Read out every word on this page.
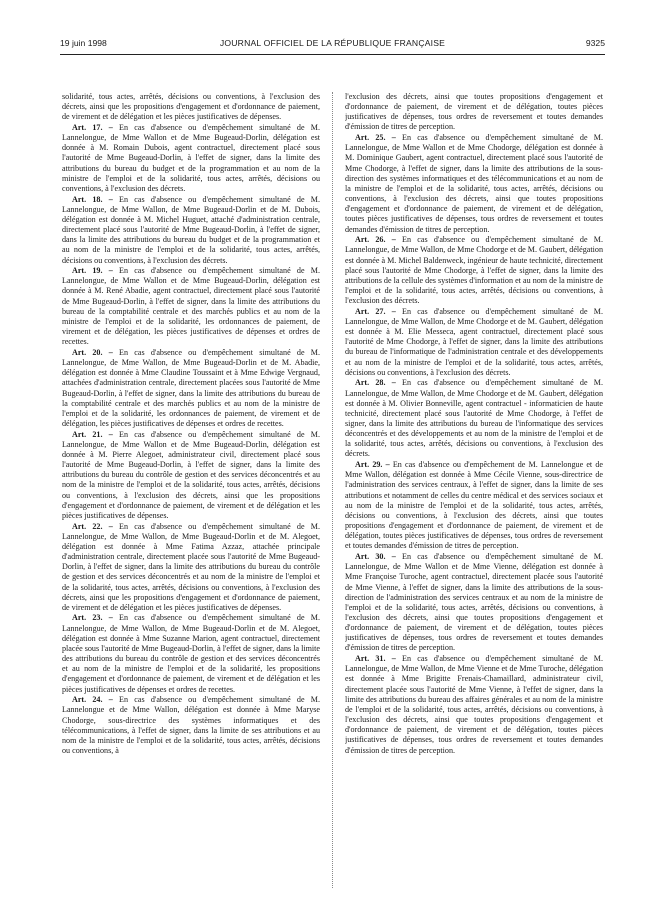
19 juin 1998	JOURNAL OFFICIEL DE LA RÉPUBLIQUE FRANÇAISE	9325

solidarité, tous actes, arrêtés, décisions ou conventions, à l'exclusion des décrets, ainsi que les propositions d'engagement et d'ordonnance de paiement, de virement et de délégation et les pièces justificatives de dépenses.

Art. 17. – En cas d'absence ou d'empêchement simultané de M. Lannelongue, de Mme Wallon et de Mme Bugeaud-Dorlin, délégation est donnée à M. Romain Dubois, agent contractuel, directement placé sous l'autorité de Mme Bugeaud-Dorlin, à l'effet de signer, dans la limite des attributions du bureau du budget et de la programmation et au nom de la ministre de l'emploi et de la solidarité, tous actes, arrêtés, décisions ou conventions, à l'exclusion des décrets.

Art. 18. – En cas d'absence ou d'empêchement simultané de M. Lannelongue, de Mme Wallon, de Mme Bugeaud-Dorlin et de M. Dubois, délégation est donnée à M. Michel Huguet, attaché d'administration centrale, directement placé sous l'autorité de Mme Bugeaud-Dorlin, à l'effet de signer, dans la limite des attributions du bureau du budget et de la programmation et au nom de la ministre de l'emploi et de la solidarité, tous actes, arrêtés, décisions ou conventions, à l'exclusion des décrets.

Art. 19. – En cas d'absence ou d'empêchement simultané de M. Lannelongue, de Mme Wallon et de Mme Bugeaud-Dorlin, délégation est donnée à M. René Abadie, agent contractuel, directement placé sous l'autorité de Mme Bugeaud-Dorlin, à l'effet de signer, dans la limite des attributions du bureau de la comptabilité centrale et des marchés publics et au nom de la ministre de l'emploi et de la solidarité, les ordonnances de paiement, de virement et de délégation, les pièces justificatives de dépenses et ordres de recettes.

Art. 20. – En cas d'absence ou d'empêchement simultané de M. Lannelongue, de Mme Wallon, de Mme Bugeaud-Dorlin et de M. Abadie, délégation est donnée à Mme Claudine Toussaint et à Mme Edwige Vergnaud, attachées d'administration centrale, directement placées sous l'autorité de Mme Bugeaud-Dorlin, à l'effet de signer, dans la limite des attributions du bureau de la comptabilité centrale et des marchés publics et au nom de la ministre de l'emploi et de la solidarité, les ordonnances de paiement, de virement et de délégation, les pièces justificatives de dépenses et ordres de recettes.

Art. 21. – En cas d'absence ou d'empêchement simultané de M. Lannelongue, de Mme Wallon et de Mme Bugeaud-Dorlin, délégation est donnée à M. Pierre Alegoet, administrateur civil, directement placé sous l'autorité de Mme Bugeaud-Dorlin, à l'effet de signer, dans la limite des attributions du bureau du contrôle de gestion et des services déconcentrés et au nom de la ministre de l'emploi et de la solidarité, tous actes, arrêtés, décisions ou conventions, à l'exclusion des décrets, ainsi que les propositions d'engagement et d'ordonnance de paiement, de virement et de délégation et les pièces justificatives de dépenses.

Art. 22. – En cas d'absence ou d'empêchement simultané de M. Lannelongue, de Mme Wallon, de Mme Bugeaud-Dorlin et de M. Alegoet, délégation est donnée à Mme Fatima Azzaz, attachée principale d'administration centrale, directement placée sous l'autorité de Mme Bugeaud-Dorlin, à l'effet de signer, dans la limite des attributions du bureau du contrôle de gestion et des services déconcentrés et au nom de la ministre de l'emploi et de la solidarité, tous actes, arrêtés, décisions ou conventions, à l'exclusion des décrets, ainsi que les propositions d'engagement et d'ordonnance de paiement, de virement et de délégation et les pièces justificatives de dépenses.

Art. 23. – En cas d'absence ou d'empêchement simultané de M. Lannelongue, de Mme Wallon, de Mme Bugeaud-Dorlin et de M. Alegoet, délégation est donnée à Mme Suzanne Marion, agent contractuel, directement placée sous l'autorité de Mme Bugeaud-Dorlin, à l'effet de signer, dans la limite des attributions du bureau du contrôle de gestion et des services déconcentrés et au nom de la ministre de l'emploi et de la solidarité, les propositions d'engagement et d'ordonnance de paiement, de virement et de délégation et les pièces justificatives de dépenses et ordres de recettes.

Art. 24. – En cas d'absence ou d'empêchement simultané de M. Lannelongue et de Mme Wallon, délégation est donnée à Mme Maryse Chodorge, sous-directrice des systèmes informatiques et des télécommunications, à l'effet de signer, dans la limite de ses attributions et au nom de la ministre de l'emploi et de la solidarité, tous actes, arrêtés, décisions ou conventions, à

l'exclusion des décrets, ainsi que toutes propositions d'engagement et d'ordonnance de paiement, de virement et de délégation, toutes pièces justificatives de dépenses, tous ordres de reversement et toutes demandes d'émission de titres de perception.

Art. 25. – En cas d'absence ou d'empêchement simultané de M. Lannelongue, de Mme Wallon et de Mme Chodorge, délégation est donnée à M. Dominique Gaubert, agent contractuel, directement placé sous l'autorité de Mme Chodorge, à l'effet de signer, dans la limite des attributions de la sous-direction des systèmes informatiques et des télécommunications et au nom de la ministre de l'emploi et de la solidarité, tous actes, arrêtés, décisions ou conventions, à l'exclusion des décrets, ainsi que toutes propositions d'engagement et d'ordonnance de paiement, de virement et de délégation, toutes pièces justificatives de dépenses, tous ordres de reversement et toutes demandes d'émission de titres de perception.

Art. 26. – En cas d'absence ou d'empêchement simultané de M. Lannelongue, de Mme Wallon, de Mme Chodorge et de M. Gaubert, délégation est donnée à M. Michel Baldenweck, ingénieur de haute technicité, directement placé sous l'autorité de Mme Chodorge, à l'effet de signer, dans la limite des attributions de la cellule des systèmes d'information et au nom de la ministre de l'emploi et de la solidarité, tous actes, arrêtés, décisions ou conventions, à l'exclusion des décrets.

Art. 27. – En cas d'absence ou d'empêchement simultané de M. Lannelongue, de Mme Wallon, de Mme Chodorge et de M. Gaubert, délégation est donnée à M. Elie Messeca, agent contractuel, directement placé sous l'autorité de Mme Chodorge, à l'effet de signer, dans la limite des attributions du bureau de l'informatique de l'administration centrale et des développements et au nom de la ministre de l'emploi et de la solidarité, tous actes, arrêtés, décisions ou conventions, à l'exclusion des décrets.

Art. 28. – En cas d'absence ou d'empêchement simultané de M. Lannelongue, de Mme Wallon, de Mme Chodorge et de M. Gaubert, délégation est donnée à M. Olivier Bonneville, agent contractuel - informaticien de haute technicité, directement placé sous l'autorité de Mme Chodorge, à l'effet de signer, dans la limite des attributions du bureau de l'informatique des services déconcentrés et des développements et au nom de la ministre de l'emploi et de la solidarité, tous actes, arrêtés, décisions ou conventions, à l'exclusion des décrets.

Art. 29. – En cas d'absence ou d'empêchement de M. Lannelongue et de Mme Wallon, délégation est donnée à Mme Cécile Vienne, sous-directrice de l'administration des services centraux, à l'effet de signer, dans la limite de ses attributions et notamment de celles du centre médical et des services sociaux et au nom de la ministre de l'emploi et de la solidarité, tous actes, arrêtés, décisions ou conventions, à l'exclusion des décrets, ainsi que toutes propositions d'engagement et d'ordonnance de paiement, de virement et de délégation, toutes pièces justificatives de dépenses, tous ordres de reversement et toutes demandes d'émission de titres de perception.

Art. 30. – En cas d'absence ou d'empêchement simultané de M. Lannelongue, de Mme Wallon et de Mme Vienne, délégation est donnée à Mme Françoise Turoche, agent contractuel, directement placée sous l'autorité de Mme Vienne, à l'effet de signer, dans la limite des attributions de la sous-direction de l'administration des services centraux et au nom de la ministre de l'emploi et de la solidarité, tous actes, arrêtés, décisions ou conventions, à l'exclusion des décrets, ainsi que toutes propositions d'engagement et d'ordonnance de paiement, de virement et de délégation, toutes pièces justificatives de dépenses, tous ordres de reversement et toutes demandes d'émission de titres de perception.

Art. 31. – En cas d'absence ou d'empêchement simultané de M. Lannelongue, de Mme Wallon, de Mme Vienne et de Mme Turoche, délégation est donnée à Mme Brigitte Frenais-Chamaillard, administrateur civil, directement placée sous l'autorité de Mme Vienne, à l'effet de signer, dans la limite des attributions du bureau des affaires générales et au nom de la ministre de l'emploi et de la solidarité, tous actes, arrêtés, décisions ou conventions, à l'exclusion des décrets, ainsi que toutes propositions d'engagement et d'ordonnance de paiement, de virement et de délégation, toutes pièces justificatives de dépenses, tous ordres de reversement et toutes demandes d'émission de titres de perception.
